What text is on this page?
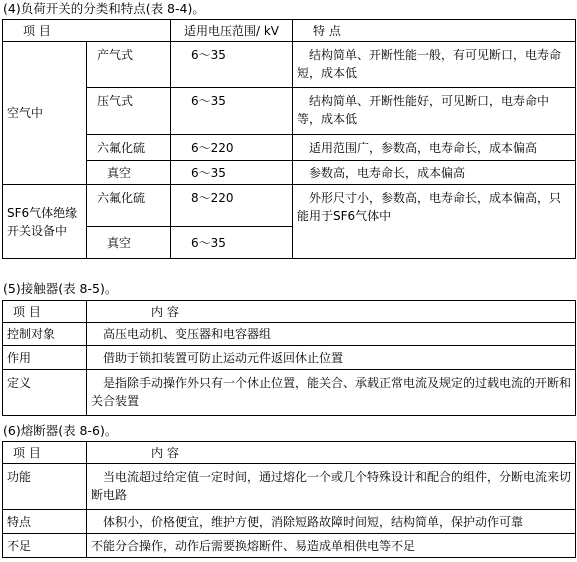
(4)负荷开关的分类和特点(表 8-4)。
项 目		适用电压范围/ kV	特 点
空气中	产气式	6～35	结构简单、开断性能一般，有可见断口，电寿命短，成本低
	压气式	6～35	结构简单、开断性能好，可见断口，电寿命中等，成本低
	六氟化硫	6～220	适用范围广，参数高，电寿命长，成本偏高
	真空	6～35	参数高，电寿命长，成本偏高
SF6气体绝缘开关设备中	六氟化硫	8～220	外形尺寸小，参数高，电寿命长，成本偏高，只能用于SF6气体中
	真空	6～35	
(5)接触器(表 8-5)。
项 目	内 容
控制对象	高压电动机、变压器和电容器组
作用	借助于锁扣装置可防止运动元件返回休止位置
定义	是指除手动操作外只有一个休止位置，能关合、承载正常电流及规定的过载电流的开断和关合装置
(6)熔断器(表 8-6)。
项 目	内 容
功能	当电流超过给定值一定时间，通过熔化一个或几个特殊设计和配合的组件，分断电流来切断电路
特点	体积小，价格便宜，维护方便，消除短路故障时间短，结构简单，保护动作可靠
不足	不能分合操作，动作后需要换熔断件、易造成单相供电等不足
